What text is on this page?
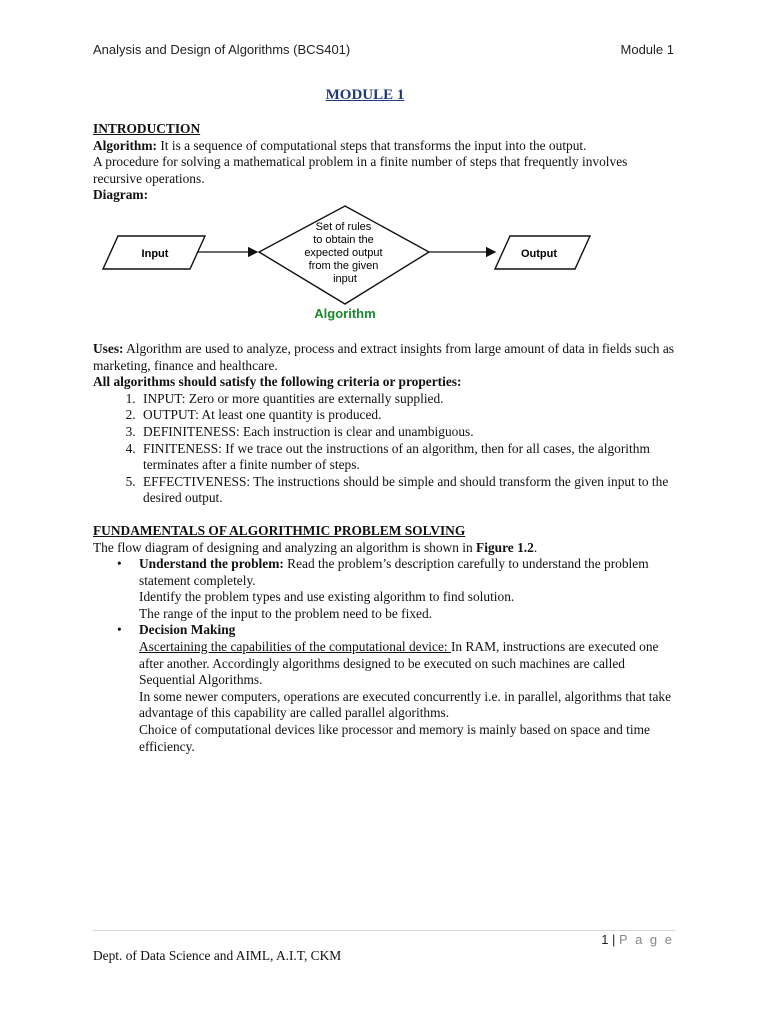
Analysis and Design of Algorithms (BCS401)	Module 1
MODULE 1

INTRODUCTION

Algorithm: It is a sequence of computational steps that transforms the input into the output.

A procedure for solving a mathematical problem in a finite number of steps that frequently involves recursive operations.

Diagram:

Input
Set of rules to obtain the expected output from the given input
Output
Algorithm

Uses: Algorithm are used to analyze, process and extract insights from large amount of data in fields such as marketing, finance and healthcare.

All algorithms should satisfy the following criteria or properties:

1. INPUT: Zero or more quantities are externally supplied.
2. OUTPUT: At least one quantity is produced.
3. DEFINITENESS: Each instruction is clear and unambiguous.
4. FINITENESS: If we trace out the instructions of an algorithm, then for all cases, the algorithm terminates after a finite number of steps.
5. EFFECTIVENESS: The instructions should be simple and should transform the given input to the desired output.

FUNDAMENTALS OF ALGORITHMIC PROBLEM SOLVING

The flow diagram of designing and analyzing an algorithm is shown in Figure 1.2.

• Understand the problem: Read the problem’s description carefully to understand the problem statement completely.
Identify the problem types and use existing algorithm to find solution.
The range of the input to the problem need to be fixed.
• Decision Making
Ascertaining the capabilities of the computational device: In RAM, instructions are executed one after another. Accordingly algorithms designed to be executed on such machines are called Sequential Algorithms.
In some newer computers, operations are executed concurrently i.e. in parallel, algorithms that take advantage of this capability are called parallel algorithms.
Choice of computational devices like processor and memory is mainly based on space and time efficiency.
1 | P a g e
Dept. of Data Science and AIML, A.I.T, CKM
